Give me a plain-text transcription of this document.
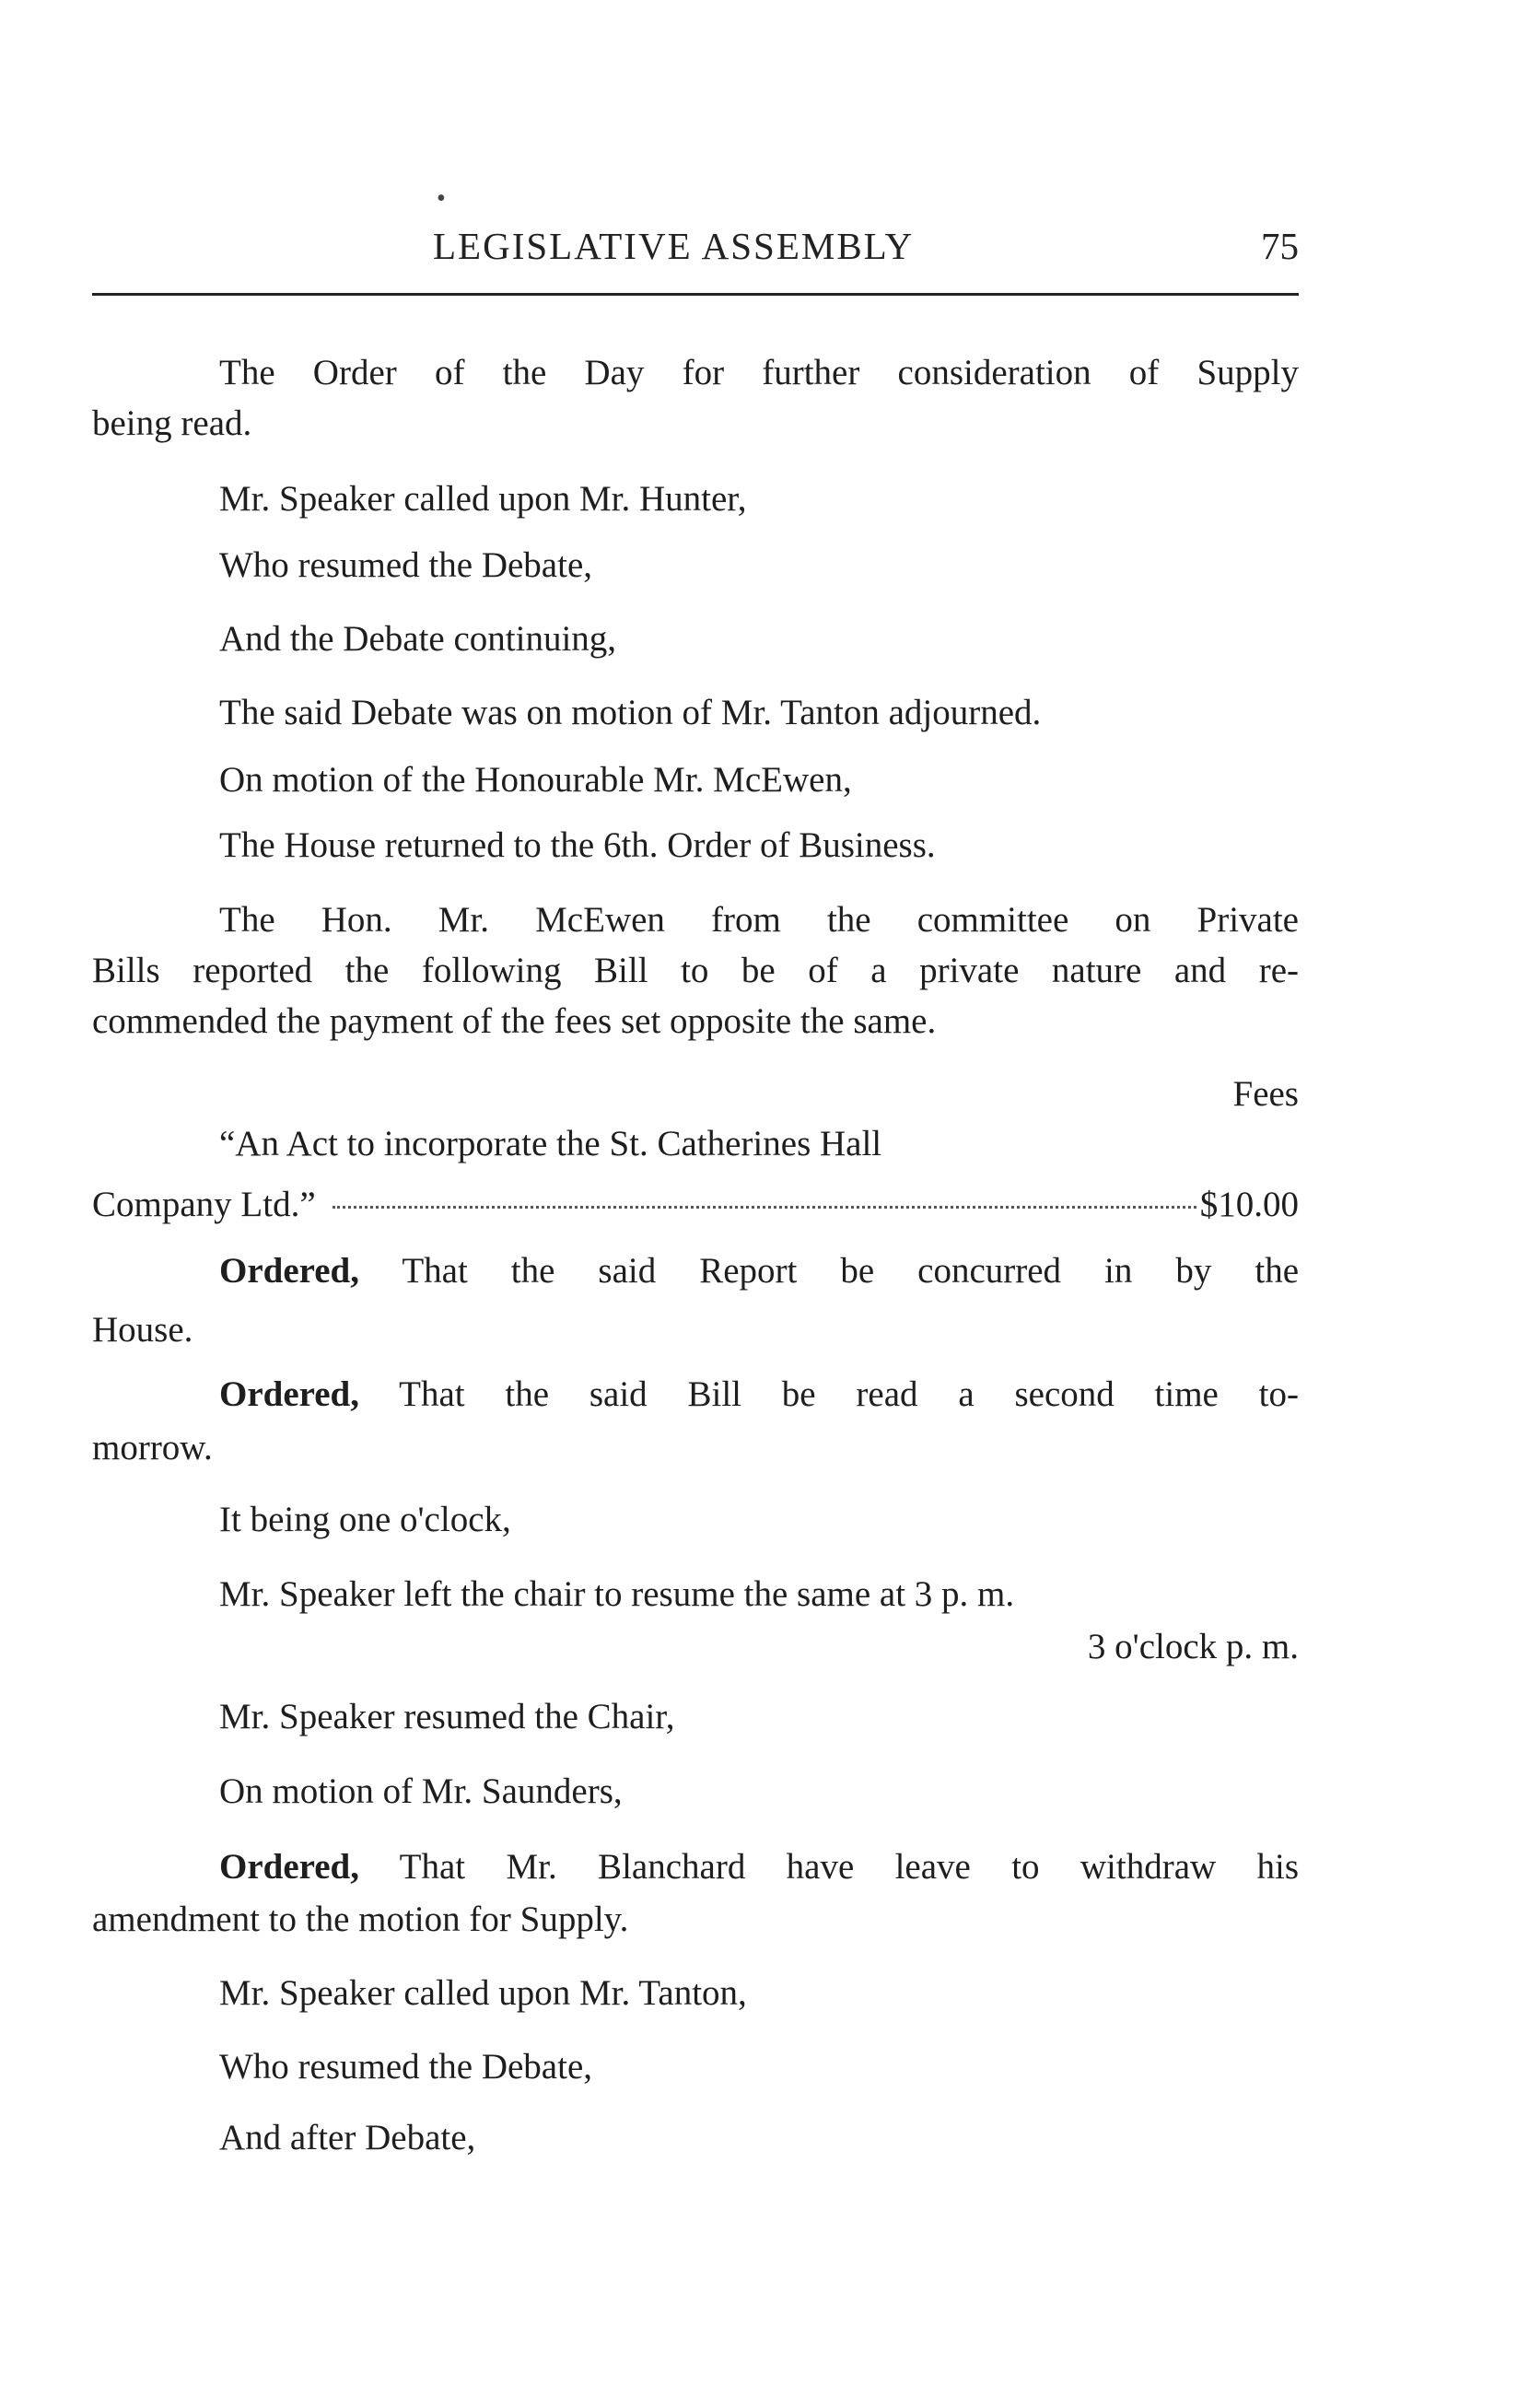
•
LEGISLATIVE ASSEMBLY	75
The Order of the Day for further consideration of Supply
being read.
Mr. Speaker called upon Mr. Hunter,
Who resumed the Debate,
And the Debate continuing,
The said Debate was on motion of Mr. Tanton adjourned.
On motion of the Honourable Mr. McEwen,
The House returned to the 6th. Order of Business.
The Hon. Mr. McEwen from the committee on Private
Bills reported the following Bill to be of a private nature and re-
commended the payment of the fees set opposite the same.
Fees
“An Act to incorporate the St. Catherines Hall
Company Ltd.”	$10.00
Ordered, That the said Report be concurred in by the
House.
Ordered, That the said Bill be read a second time to-
morrow.
It being one o'clock,
Mr. Speaker left the chair to resume the same at 3 p. m.
3 o'clock p. m.
Mr. Speaker resumed the Chair,
On motion of Mr. Saunders,
Ordered, That Mr. Blanchard have leave to withdraw his
amendment to the motion for Supply.
Mr. Speaker called upon Mr. Tanton,
Who resumed the Debate,
And after Debate,
